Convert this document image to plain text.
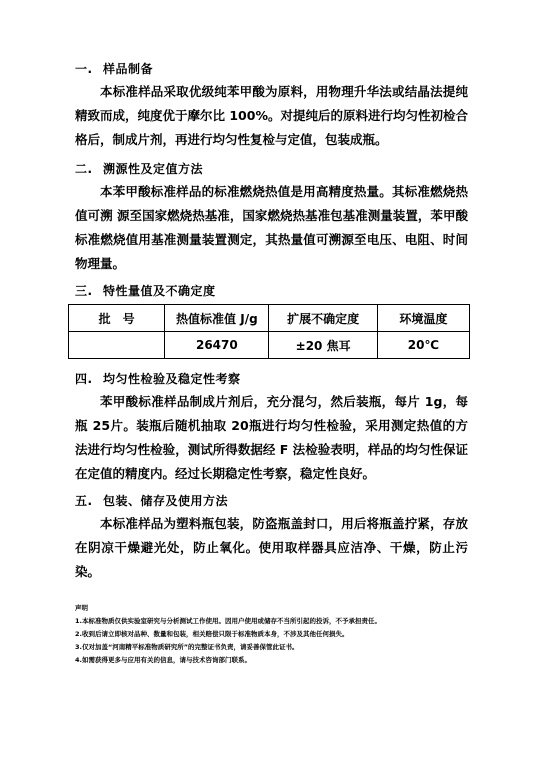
一. 样品制备
本标准样品采取优级纯苯甲酸为原料，用物理升华法或结晶法提纯精致而成，纯度优于摩尔比 100%。对提纯后的原料进行均匀性初检合格后，制成片剂，再进行均匀性复检与定值，包装成瓶。
二. 溯源性及定值方法
本苯甲酸标准样品的标准燃烧热值是用高精度热量。其标准燃烧热值可溯 源至国家燃烧热基准，国家燃烧热基准包基准测量装置，苯甲酸标准燃烧值用基准测量装置测定，其热量值可溯源至电压、电阻、时间物理量。
三. 特性量值及不确定度
批　号	热值标准值 J/g	扩展不确定度	环境温度
	26470	±20 焦耳	20℃
四. 均匀性检验及稳定性考察
苯甲酸标准样品制成片剂后，充分混匀，然后装瓶，每片 1g，每瓶 25片。装瓶后随机抽取 20瓶进行均匀性检验，采用测定热值的方法进行均匀性检验，测试所得数据经 F 法检验表明，样品的均匀性保证在定值的精度内。经过长期稳定性考察，稳定性良好。
五. 包装、储存及使用方法
本标准样品为塑料瓶包装，防盗瓶盖封口，用后将瓶盖拧紧，存放在阴凉干燥避光处，防止氧化。使用取样器具应洁净、干燥，防止污染。
声明
1.本标准物质仅供实验室研究与分析测试工作使用。因用户使用或储存不当所引起的投诉，不予承担责任。
2.收到后请立即核对品种、数量和包装，相关赔偿只限于标准物质本身，不涉及其他任何损失。
3.仅对加盖“河南精平标准物质研究所”的完整证书负责，请妥善保管此证书。
4.如需获得更多与应用有关的信息，请与技术咨询部门联系。
